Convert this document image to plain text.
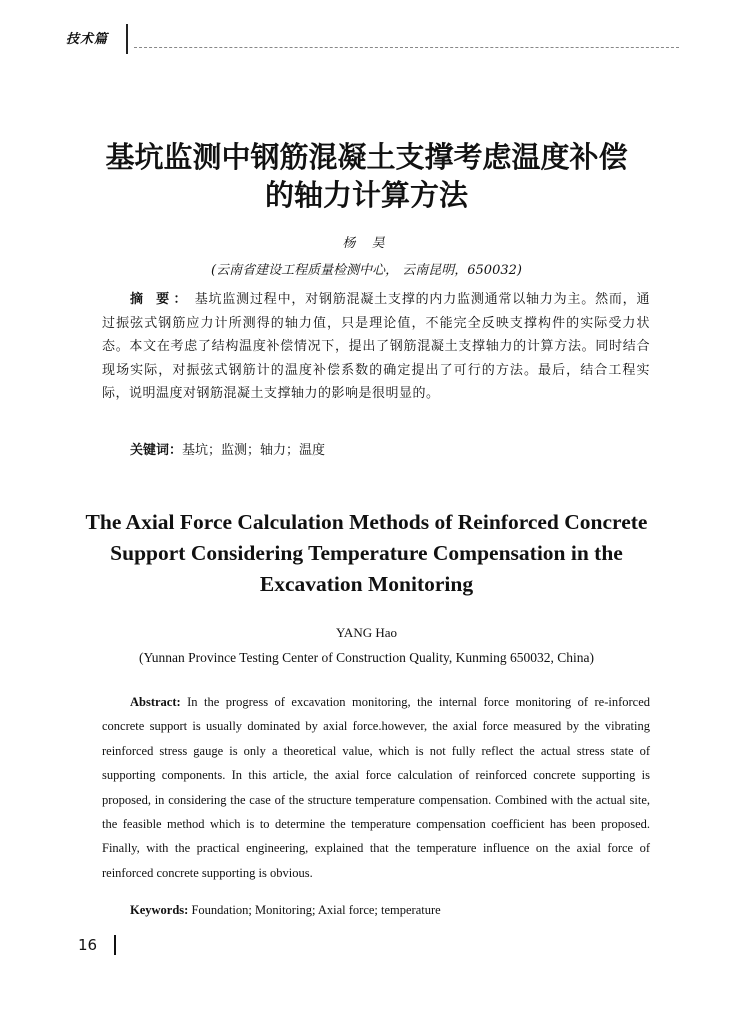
技术篇
基坑监测中钢筋混凝土支撑考虑温度补偿
的轴力计算方法
杨 昊
(云南省建设工程质量检测中心， 云南昆明，650032)
摘 要： 基坑监测过程中，对钢筋混凝土支撑的内力监测通常以轴力为主。然而，通过振弦式钢筋应力计所测得的轴力值，只是理论值，不能完全反映支撑构件的实际受力状态。本文在考虑了结构温度补偿情况下，提出了钢筋混凝土支撑轴力的计算方法。同时结合现场实际，对振弦式钢筋计的温度补偿系数的确定提出了可行的方法。最后，结合工程实际，说明温度对钢筋混凝土支撑轴力的影响是很明显的。
关键词：基坑；监测；轴力；温度
The Axial Force Calculation Methods of Reinforced Concrete
Support Considering Temperature Compensation in the
Excavation Monitoring
YANG Hao
(Yunnan Province Testing Center of Construction Quality, Kunming 650032, China)
Abstract: In the progress of excavation monitoring, the internal force monitoring of re-inforced concrete support is usually dominated by axial force.however, the axial force measured by the vibrating reinforced stress gauge is only a theoretical value, which is not fully reflect the actual stress state of supporting components. In this article, the axial force calculation of reinforced concrete supporting is proposed, in considering the case of the structure temperature compensation. Combined with the actual site, the feasible method which is to determine the temperature compensation coefficient has been proposed. Finally, with the practical engineering, explained that the temperature influence on the axial force of reinforced concrete supporting is obvious.
Keywords: Foundation; Monitoring; Axial force; temperature
16
